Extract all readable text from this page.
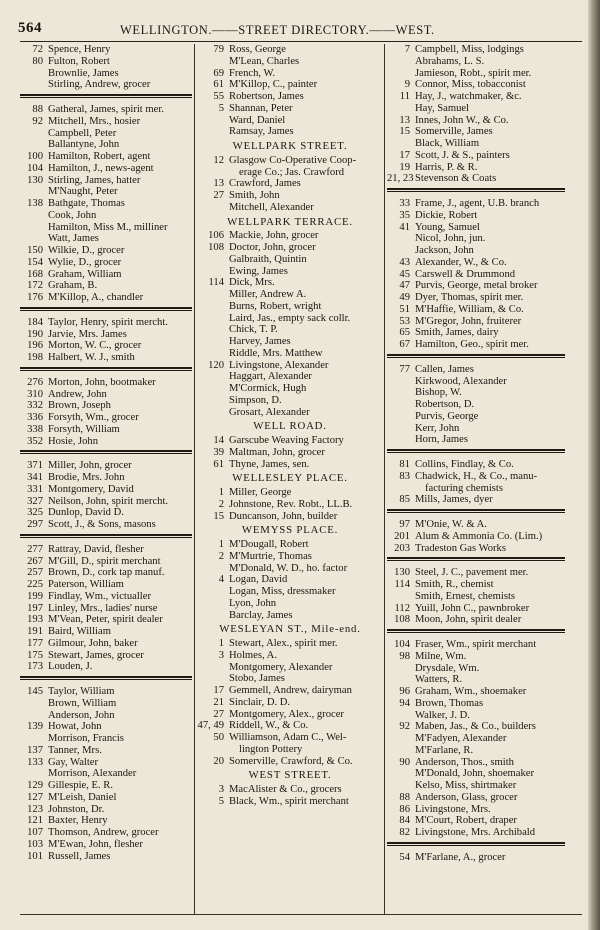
564	WELLINGTON.——STREET DIRECTORY.——WEST.
72 Spence, Henry
80 Fulton, Robert
Brownlie, James
Stirling, Andrew, grocer
88 Gatheral, James, spirit mer.
92 Mitchell, Mrs., hosier
Campbell, Peter
Ballantyne, John
100 Hamilton, Robert, agent
104 Hamilton, J., news-agent
130 Stirling, James, hatter
M'Naught, Peter
138 Bathgate, Thomas
Cook, John
Hamilton, Miss M., milliner
Watt, James
150 Wilkie, D., grocer
154 Wylie, D., grocer
168 Graham, William
172 Graham, B.
176 M'Killop, A., chandler
184 Taylor, Henry, spirit mercht.
190 Jarvie, Mrs. James
196 Morton, W. C., grocer
198 Halbert, W. J., smith
276 Morton, John, bootmaker
310 Andrew, John
332 Brown, Joseph
336 Forsyth, Wm., grocer
338 Forsyth, William
352 Hosie, John
371 Miller, John, grocer
341 Brodie, Mrs. John
331 Montgomery, David
327 Neilson, John, spirit mercht.
325 Dunlop, David D.
297 Scott, J., & Sons, masons
277 Rattray, David, flesher
267 M'Gill, D., spirit merchant
257 Brown, D., cork tap manuf.
225 Paterson, William
199 Findlay, Wm., victualler
197 Linley, Mrs., ladies' nurse
193 M'Vean, Peter, spirit dealer
191 Baird, William
177 Gilmour, John, baker
175 Stewart, James, grocer
173 Louden, J.
145 Taylor, William
Brown, William
Anderson, John
139 Howat, John
Morrison, Francis
137 Tanner, Mrs.
133 Gay, Walter
Morrison, Alexander
129 Gillespie, E. R.
127 M'Leish, Daniel
123 Johnston, Dr.
121 Baxter, Henry
107 Thomson, Andrew, grocer
103 M'Ewan, John, flesher
101 Russell, James
79 Ross, George
M'Lean, Charles
69 French, W.
61 M'Killop, C., painter
55 Robertson, James
5 Shannan, Peter
Ward, Daniel
Ramsay, James
WELLPARK STREET.
12 Glasgow Co-Operative Coop-
erage Co.; Jas. Crawford
13 Crawford, James
27 Smith, John
Mitchell, Alexander
WELLPARK TERRACE.
106 Mackie, John, grocer
108 Doctor, John, grocer
Galbraith, Quintin
Ewing, James
114 Dick, Mrs.
Miller, Andrew A.
Burns, Robert, wright
Laird, Jas., empty sack collr.
Chick, T. P.
Harvey, James
Riddle, Mrs. Matthew
120 Livingstone, Alexander
Haggart, Alexander
M'Cormick, Hugh
Simpson, D.
Grosart, Alexander
WELL ROAD.
14 Garscube Weaving Factory
39 Maltman, John, grocer
61 Thyne, James, sen.
WELLESLEY PLACE.
1 Miller, George
2 Johnstone, Rev. Robt., LL.B.
15 Duncanson, John, builder
WEMYSS PLACE.
1 M'Dougall, Robert
2 M'Murtrie, Thomas
M'Donald, W. D., ho. factor
4 Logan, David
Logan, Miss, dressmaker
Lyon, John
Barclay, James
WESLEYAN ST., Mile-end.
1 Stewart, Alex., spirit mer.
3 Holmes, A.
Montgomery, Alexander
Stobo, James
17 Gemmell, Andrew, dairyman
21 Sinclair, D. D.
27 Montgomery, Alex., grocer
47, 49 Riddell, W., & Co.
50 Williamson, Adam C., Wel-
lington Pottery
20 Somerville, Crawford, & Co.
WEST STREET.
3 MacAlister & Co., grocers
5 Black, Wm., spirit merchant
7 Campbell, Miss, lodgings
Abrahams, L. S.
Jamieson, Robt., spirit mer.
9 Connor, Miss, tobacconist
11 Hay, J., watchmaker, &c.
Hay, Samuel
13 Innes, John W., & Co.
15 Somerville, James
Black, William
17 Scott, J. & S., painters
19 Harris, P. & R.
21, 23 Stevenson & Coats
33 Frame, J., agent, U.B. branch
35 Dickie, Robert
41 Young, Samuel
Nicol, John, jun.
Jackson, John
43 Alexander, W., & Co.
45 Carswell & Drummond
47 Purvis, George, metal broker
49 Dyer, Thomas, spirit mer.
51 M'Haffie, William, & Co.
53 M'Gregor, John, fruiterer
65 Smith, James, dairy
67 Hamilton, Geo., spirit mer.
77 Callen, James
Kirkwood, Alexander
Bishop, W.
Robertson, D.
Purvis, George
Kerr, John
Horn, James
81 Collins, Findlay, & Co.
83 Chadwick, H., & Co., manu-
facturing chemists
85 Mills, James, dyer
97 M'Onie, W. & A.
201 Alum & Ammonia Co. (Lim.)
203 Tradeston Gas Works
130 Steel, J. C., pavement mer.
114 Smith, R., chemist
Smith, Ernest, chemists
112 Yuill, John C., pawnbroker
108 Moon, John, spirit dealer
104 Fraser, Wm., spirit merchant
98 Milne, Wm.
Drysdale, Wm.
Watters, R.
96 Graham, Wm., shoemaker
94 Brown, Thomas
Walker, J. D.
92 Maben, Jas., & Co., builders
M'Fadyen, Alexander
M'Farlane, R.
90 Anderson, Thos., smith
M'Donald, John, shoemaker
Kelso, Miss, shirtmaker
88 Anderson, Glass, grocer
86 Livingstone, Mrs.
84 M'Court, Robert, draper
82 Livingstone, Mrs. Archibald
54 M'Farlane, A., grocer
